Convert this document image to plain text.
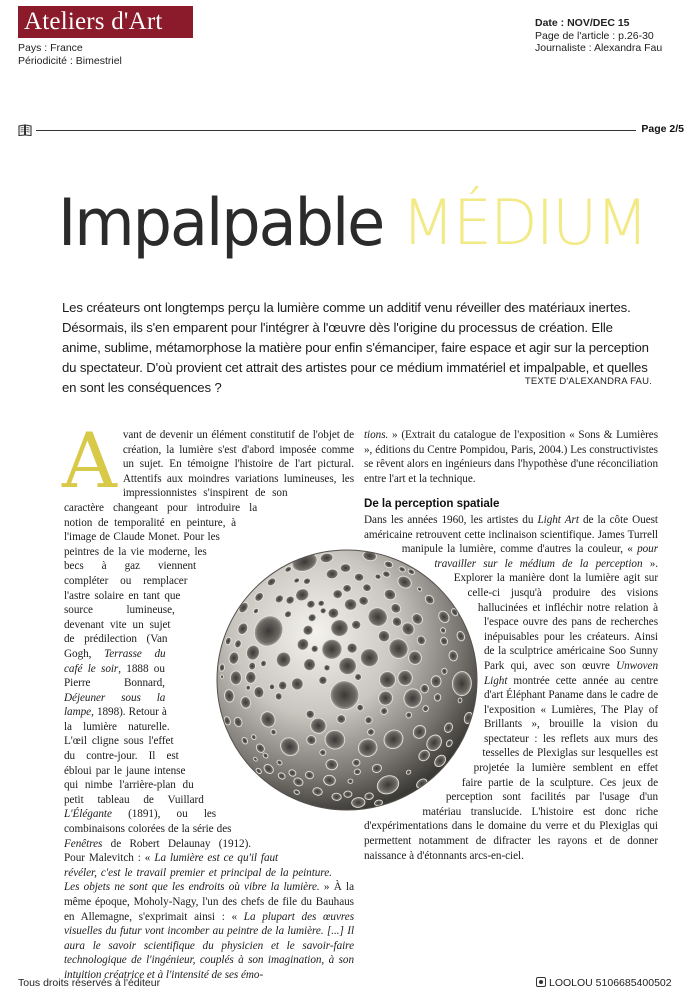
Ateliers d'Art
Pays : France
Périodicité : Bimestriel
Date : NOV/DEC 15
Page de l'article : p.26-30
Journaliste : Alexandra Fau
Page 2/5
Impalpable MÉDIUM

Les créateurs ont longtemps perçu la lumière comme un additif venu réveiller des matériaux inertes. Désormais, ils s'en emparent pour l'intégrer à l'œuvre dès l'origine du processus de création. Elle anime, sublime, métamorphose la matière pour enfin s'émanciper, faire espace et agir sur la perception du spectateur. D'où provient cet attrait des artistes pour ce médium immatériel et impalpable, et quelles en sont les conséquences ?	TEXTE D'ALEXANDRA FAU.
A vant de devenir un élément constitutif de l'objet de création, la lumière s'est d'abord imposée comme un sujet. En témoigne l'histoire de l'art pictural. Attentifs aux moindres variations lumineuses, les impressionnistes s'inspirent de son caractère changeant pour introduire la notion de temporalité en peinture, à l'image de Claude Monet. Pour les peintres de la vie moderne, les becs à gaz viennent compléter ou remplacer l'astre solaire en tant que source lumineuse, devenant vite un sujet de prédilection (Van Gogh, Terrasse du café le soir, 1888 ou Pierre Bonnard, Déjeuner sous la lampe, 1898). Retour à la lumière naturelle. L'œil cligne sous l'effet du contre-jour. Il est ébloui par le jaune intense qui nimbe l'arrière-plan du petit tableau de Vuillard L'Élégante (1891), ou les combinaisons colorées de la série des Fenêtres de Robert Delaunay (1912). Pour Malevitch : « La lumière est ce qu'il faut révéler, c'est le travail premier et principal de la peinture. Les objets ne sont que les endroits où vibre la lumière. » À la même époque, Moholy-Nagy, l'un des chefs de file du Bauhaus en Allemagne, s'exprimait ainsi : « La plupart des œuvres visuelles du futur vont incomber au peintre de la lumière. [...] Il aura le savoir scientifique du physicien et le savoir-faire technologique de l'ingénieur, couplés à son imagination, à son intuition créatrice et à l'intensité de ses émo-
tions. » (Extrait du catalogue de l'exposition « Sons & Lumières », éditions du Centre Pompidou, Paris, 2004.) Les constructivistes se rêvent alors en ingénieurs dans l'hypothèse d'une réconciliation entre l'art et la technique.
De la perception spatiale
Dans les années 1960, les artistes du Light Art de la côte Ouest américaine retrouvent cette inclinaison scientifique. James Turrell manipule la lumière, comme d'autres la couleur, « pour travailler sur le médium de la perception ». Explorer la manière dont la lumière agit sur celle-ci jusqu'à produire des visions hallucinées et infléchir notre relation à l'espace ouvre des pans de recherches inépuisables pour les créateurs. Ainsi de la sculptrice américaine Soo Sunny Park qui, avec son œuvre Unwoven Light montrée cette année au centre d'art Éléphant Paname dans le cadre de l'exposition « Lumières, The Play of Brillants », brouille la vision du spectateur : les reflets aux murs des tesselles de Plexiglas sur lesquelles est projetée la lumière semblent en effet faire partie de la sculpture. Ces jeux de perception sont facilités par l'usage d'un matériau translucide. L'histoire est donc riche d'expérimentations dans le domaine du verre et du Plexiglas qui permettent notamment de difracter les rayons et de donner naissance à d'étonnants arcs-en-ciel.
Tous droits réservés à l'éditeur	LOOLOU 5106685400502
